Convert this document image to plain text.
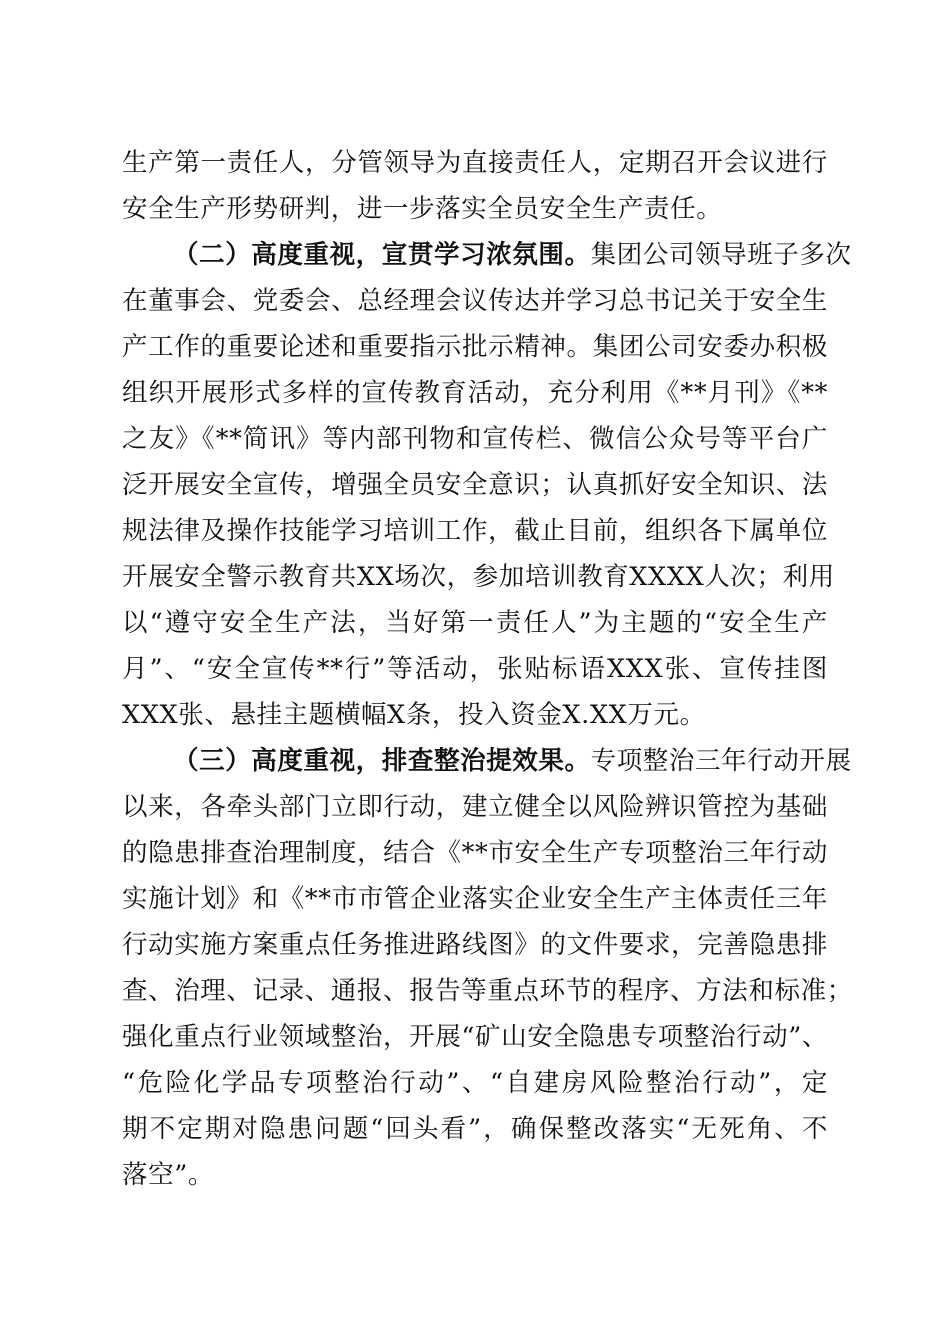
生产第一责任人，分管领导为直接责任人，定期召开会议进行
安全生产形势研判，进一步落实全员安全生产责任。
（二）高度重视，宣贯学习浓氛围。集团公司领导班子多次
在董事会、党委会、总经理会议传达并学习总书记关于安全生
产工作的重要论述和重要指示批示精神。集团公司安委办积极
组织开展形式多样的宣传教育活动，充分利用《**月刊》《**
之友》《**简讯》等内部刊物和宣传栏、微信公众号等平台广
泛开展安全宣传，增强全员安全意识；认真抓好安全知识、法
规法律及操作技能学习培训工作，截止目前，组织各下属单位
开展安全警示教育共XX场次，参加培训教育XXXX人次；利用
以“遵守安全生产法，当好第一责任人”为主题的“安全生产
月”、“安全宣传**行”等活动，张贴标语XXX张、宣传挂图
XXX张、悬挂主题横幅X条，投入资金X.XX万元。
（三）高度重视，排查整治提效果。专项整治三年行动开展
以来，各牵头部门立即行动，建立健全以风险辨识管控为基础
的隐患排查治理制度，结合《**市安全生产专项整治三年行动
实施计划》和《**市市管企业落实企业安全生产主体责任三年
行动实施方案重点任务推进路线图》的文件要求，完善隐患排
查、治理、记录、通报、报告等重点环节的程序、方法和标准；
强化重点行业领域整治，开展“矿山安全隐患专项整治行动”、
“危险化学品专项整治行动”、“自建房风险整治行动”，定
期不定期对隐患问题“回头看”，确保整改落实“无死角、不
落空”。
